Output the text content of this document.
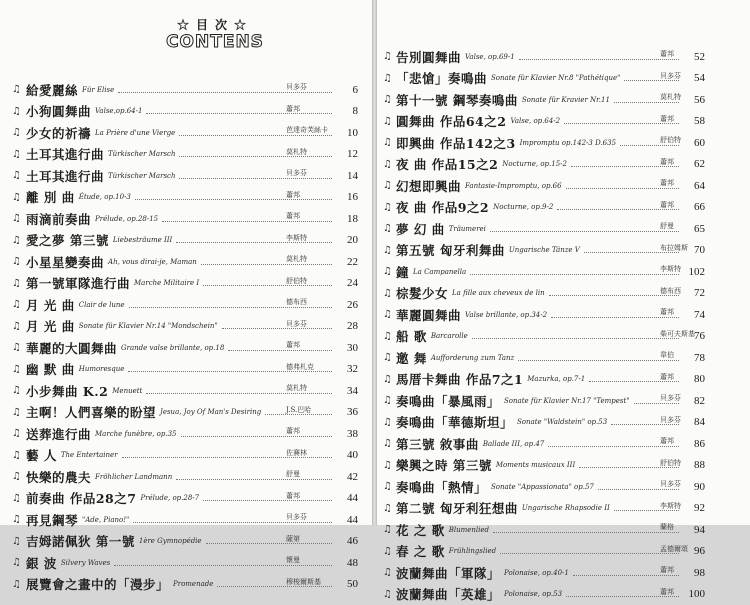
☆目次☆
CONTENS
♫ 給愛麗絲 Für Elise	貝多芬	6
♫ 小狗圓舞曲 Valse,op.64-1	蕭邦	8
♫ 少女的祈禱 La Prière d'une Vierge	芭達奇芙絲卡	10
♫ 土耳其進行曲 Türkischer Marsch	莫札特	12
♫ 土耳其進行曲 Türkischer Marsch	貝多芬	14
♫ 離 別 曲 Étude, op.10-3	蕭邦	16
♫ 雨滴前奏曲 Prélude, op.28-15	蕭邦	18
♫ 愛之夢 第三號 Liebesträume III	李斯特	20
♫ 小星星變奏曲 Ah, vous dirai-je, Maman	莫札特	22
♫ 第一號軍隊進行曲 Marche Militaire I	舒伯特	24
♫ 月 光 曲 Clair de lune	德布西	26
♫ 月 光 曲 Sonate für Klavier Nr.14 "Mondschein"	貝多芬	28
♫ 華麗的大圓舞曲 Grande valse brillante, op.18	蕭邦	30
♫ 幽 默 曲 Humoresque	德弗札克	32
♫ 小步舞曲 K.2 Menuett	莫札特	34
♫ 主啊！人們喜樂的盼望 Jesua, Joy Of Man's Desiring	J.S.巴哈	36
♫ 送葬進行曲 Marche funèbre, op.35	蕭邦	38
♫ 藝 人 The Entertainer	佐賽林	40
♫ 快樂的農夫 Fröhlicher Landmann	舒曼	42
♫ 前奏曲 作品28之7 Prélude, op.28-7	蕭邦	44
♫ 再見鋼琴 "Ade, Piano!"	貝多芬	44
♫ 吉姆諾佩狄 第一號 1ère Gymnopédie	薩第	46
♫ 銀 波 Silvery Waves	懷曼	48
♫ 展覽會之畫中的「漫步」 Promenade	穆梭爾斯基	50
♫ 告別圓舞曲 Valse, op.69-1	蕭邦	52
♫ 「悲愴」奏鳴曲 Sonate für Klavier Nr.8 "Pathétique"	貝多芬	54
♫ 第十一號 鋼琴奏鳴曲 Sonate für Kravier Nr.11	莫札特	56
♫ 圓舞曲 作品64之2 Valse, op.64-2	蕭邦	58
♫ 即興曲 作品142之3 Impromptu op.142-3 D.635	舒伯特	60
♫ 夜 曲 作品15之2 Nocturne, op.15-2	蕭邦	62
♫ 幻想即興曲 Fantasie-Impromptu, op.66	蕭邦	64
♫ 夜 曲 作品9之2 Nocturne, op.9-2	蕭邦	66
♫ 夢 幻 曲 Träumerei	舒曼	65
♫ 第五號 匈牙利舞曲 Ungarische Tänze V	布拉姆斯 70
♫ 鐘 La Campanella	李斯特 102
♫ 棕髮少女 La fille aux cheveux de lin	德布西	72
♫ 華麗圓舞曲 Valse brillante, op.34-2	蕭邦	74
♫ 船 歌 Barcarolle	柴可夫斯基 76
♫ 邀 舞 Aufforderung zum Tanz	韋伯	78
♫ 馬厝卡舞曲 作品7之1 Mazurka, op.7-1	蕭邦	80
♫ 奏鳴曲「暴風雨」 Sonate für Klavier Nr.17 "Tempest"	貝多芬	82
♫ 奏鳴曲「華德斯坦」 Sonate "Waldstein" op.53	貝多芬	84
♫ 第三號 敘事曲 Ballade III, op.47	蕭邦	86
♫ 樂興之時 第三號 Moments musicaux III	舒伯特	88
♫ 奏鳴曲「熱情」 Sonate "Appassionata" op.57	貝多芬	90
♫ 第二號 匈牙利狂想曲 Ungarische Rhapsodie II	李斯特	92
♫ 花 之 歌 Blumenlied	蘭格	94
♫ 春 之 歌 Frühlingslied	孟德爾頌 96
♫ 波蘭舞曲「軍隊」 Polonaise, op.40-1	蕭邦	98
♫ 波蘭舞曲「英雄」 Polonaise, op.53	蕭邦	100
